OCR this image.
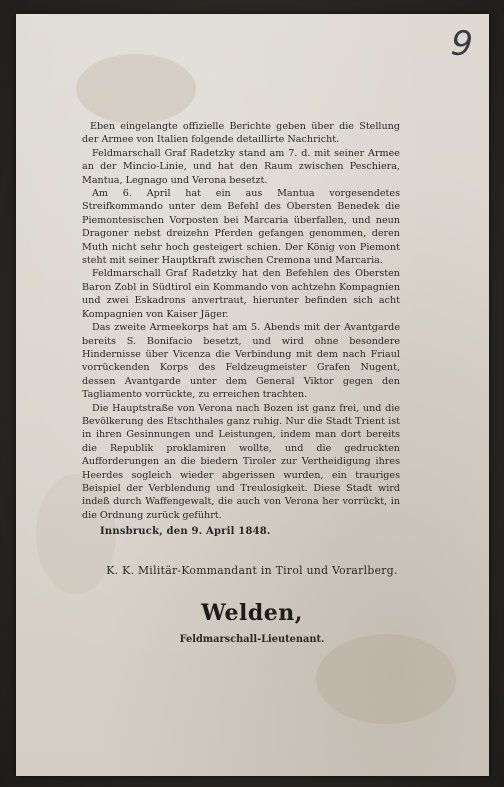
9

Eben eingelangte offizielle Berichte geben über die Stellung der Armee von Italien folgende detaillirte Nachricht.

Feldmarschall Graf Radetzky stand am 7. d. mit seiner Armee an der Mincio-Linie, und hat den Raum zwischen Peschiera, Mantua, Legnago und Verona besetzt.

Am 6. April hat ein aus Mantua vorgesendetes Streifkommando unter dem Befehl des Obersten Benedek die Piemontesischen Vorposten bei Marcaria überfallen, und neun Dragoner nebst dreizehn Pferden gefangen genommen, deren Muth nicht sehr hoch gesteigert schien. Der König von Piemont steht mit seiner Hauptkraft zwischen Cremona und Marcaria.

Feldmarschall Graf Radetzky hat den Befehlen des Obersten Baron Zobl in Südtirol ein Kommando von achtzehn Kompagnien und zwei Eskadrons anvertraut, hierunter befinden sich acht Kompagnien von Kaiser Jäger.

Das zweite Armeekorps hat am 5. Abends mit der Avantgarde bereits S. Bonifacio besetzt, und wird ohne besondere Hindernisse über Vicenza die Verbindung mit dem nach Friaul vorrückenden Korps des Feldzeugmeister Grafen Nugent, dessen Avantgarde unter dem General Viktor gegen den Tagliamento vorrückte, zu erreichen trachten.

Die Hauptstraße von Verona nach Bozen ist ganz frei, und die Bevölkerung des Etschthales ganz ruhig. Nur die Stadt Trient ist in ihren Gesinnungen und Leistungen, indem man dort bereits die Republik proklamiren wollte, und die gedruckten Aufforderungen an die biedern Tiroler zur Vertheidigung ihres Heerdes sogleich wieder abgerissen wurden, ein trauriges Beispiel der Verblendung und Treulosigkeit. Diese Stadt wird indeß durch Waffengewalt, die auch von Verona her vorrückt, in die Ordnung zurück geführt.

Innsbruck, den 9. April 1848.
K. K. Militär-Kommandant in Tirol und Vorarlberg.
Welden,
Feldmarschall-Lieutenant.
